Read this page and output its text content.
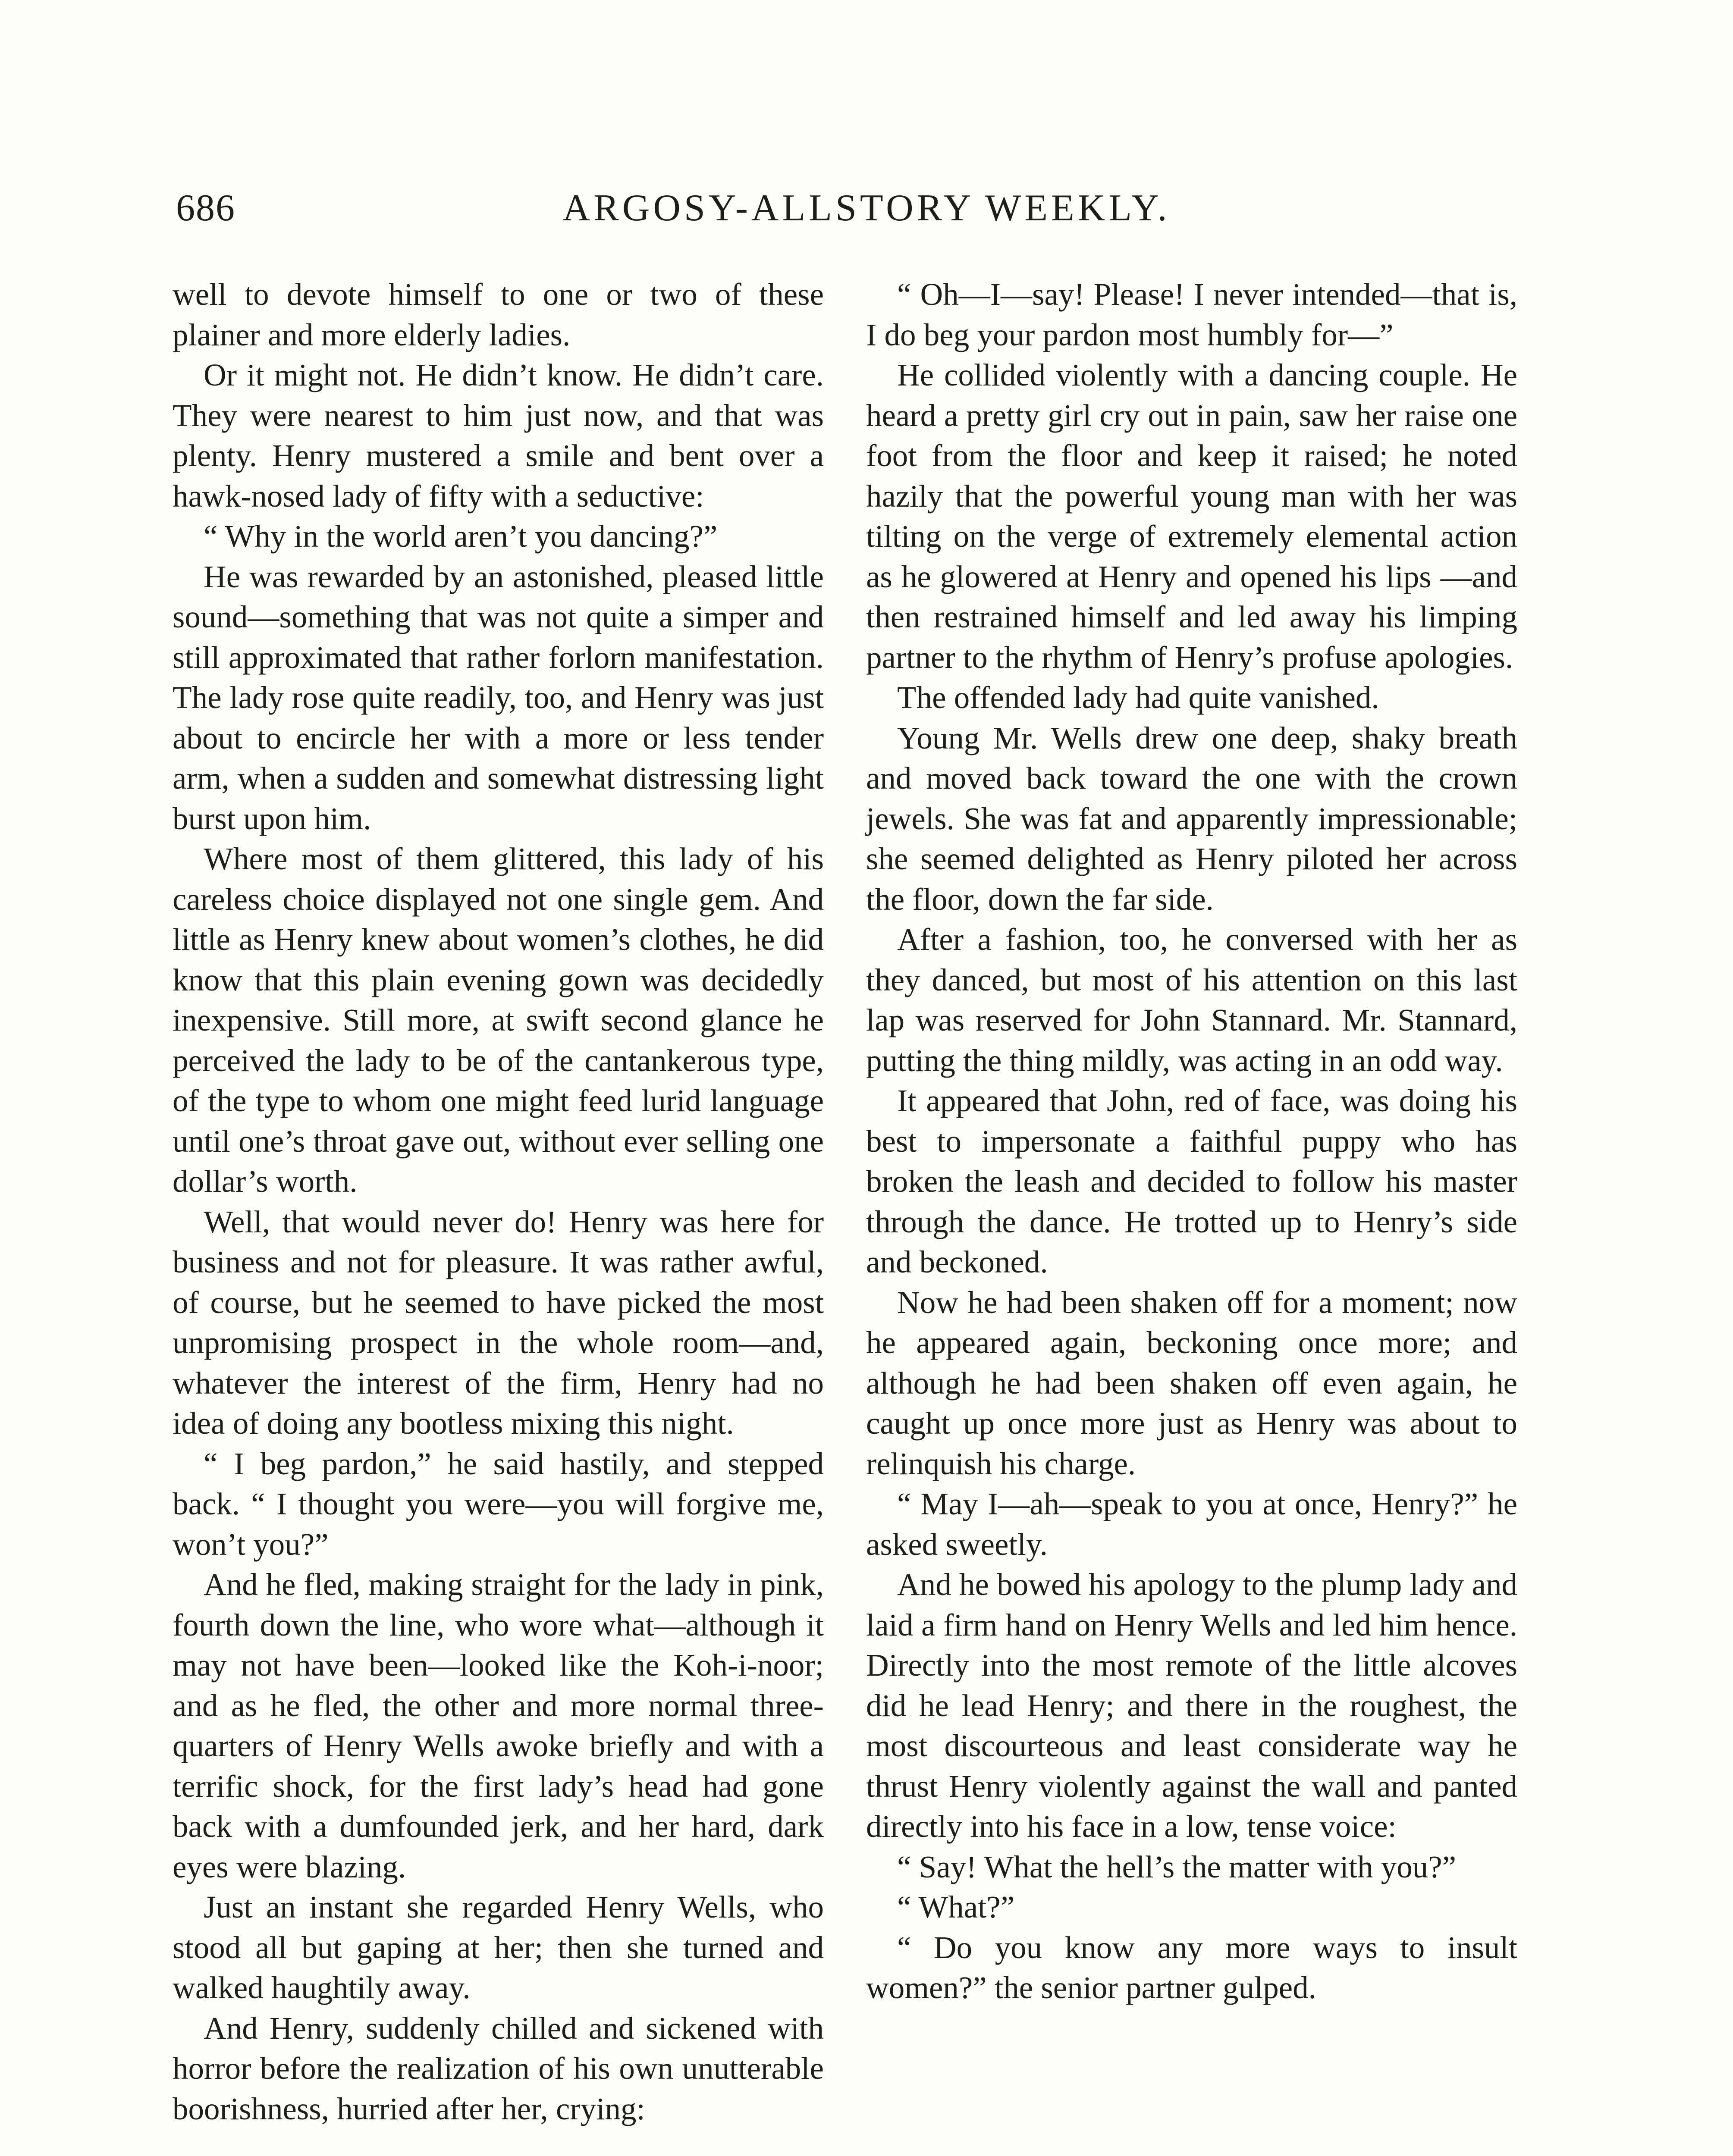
686	ARGOSY-ALLSTORY WEEKLY.

well to devote himself to one or two of these plainer and more elderly ladies.

Or it might not. He didn’t know. He didn’t care. They were nearest to him just now, and that was plenty. Henry mustered a smile and bent over a hawk-nosed lady of fifty with a seductive:

“ Why in the world aren’t you dancing?”

He was rewarded by an astonished, pleased little sound—something that was not quite a simper and still approximated that rather forlorn manifestation. The lady rose quite readily, too, and Henry was just about to encircle her with a more or less tender arm, when a sudden and somewhat distressing light burst upon him.

Where most of them glittered, this lady of his careless choice displayed not one single gem. And little as Henry knew about women’s clothes, he did know that this plain evening gown was decidedly inexpensive. Still more, at swift second glance he perceived the lady to be of the cantankerous type, of the type to whom one might feed lurid language until one’s throat gave out, without ever selling one dollar’s worth.

Well, that would never do! Henry was here for business and not for pleasure. It was rather awful, of course, but he seemed to have picked the most unpromising prospect in the whole room—and, whatever the interest of the firm, Henry had no idea of doing any bootless mixing this night.

“ I beg pardon,” he said hastily, and stepped back. “ I thought you were—you will forgive me, won’t you?”

And he fled, making straight for the lady in pink, fourth down the line, who wore what—although it may not have been—looked like the Koh-i-noor; and as he fled, the other and more normal three-quarters of Henry Wells awoke briefly and with a terrific shock, for the first lady’s head had gone back with a dumfounded jerk, and her hard, dark eyes were blazing.

Just an instant she regarded Henry Wells, who stood all but gaping at her; then she turned and walked haughtily away.

And Henry, suddenly chilled and sickened with horror before the realization of his own unutterable boorishness, hurried after her, crying:

“ Oh—I—say! Please! I never intended—that is, I do beg your pardon most humbly for—”

He collided violently with a dancing couple. He heard a pretty girl cry out in pain, saw her raise one foot from the floor and keep it raised; he noted hazily that the powerful young man with her was tilting on the verge of extremely elemental action as he glowered at Henry and opened his lips —and then restrained himself and led away his limping partner to the rhythm of Henry’s profuse apologies.

The offended lady had quite vanished.

Young Mr. Wells drew one deep, shaky breath and moved back toward the one with the crown jewels. She was fat and apparently impressionable; she seemed delighted as Henry piloted her across the floor, down the far side.

After a fashion, too, he conversed with her as they danced, but most of his attention on this last lap was reserved for John Stannard. Mr. Stannard, putting the thing mildly, was acting in an odd way.

It appeared that John, red of face, was doing his best to impersonate a faithful puppy who has broken the leash and decided to follow his master through the dance. He trotted up to Henry’s side and beckoned.

Now he had been shaken off for a moment; now he appeared again, beckoning once more; and although he had been shaken off even again, he caught up once more just as Henry was about to relinquish his charge.

“ May I—ah—speak to you at once, Henry?” he asked sweetly.

And he bowed his apology to the plump lady and laid a firm hand on Henry Wells and led him hence. Directly into the most remote of the little alcoves did he lead Henry; and there in the roughest, the most discourteous and least considerate way he thrust Henry violently against the wall and panted directly into his face in a low, tense voice:

“ Say! What the hell’s the matter with you?”

“ What?”

“ Do you know any more ways to insult women?” the senior partner gulped.
